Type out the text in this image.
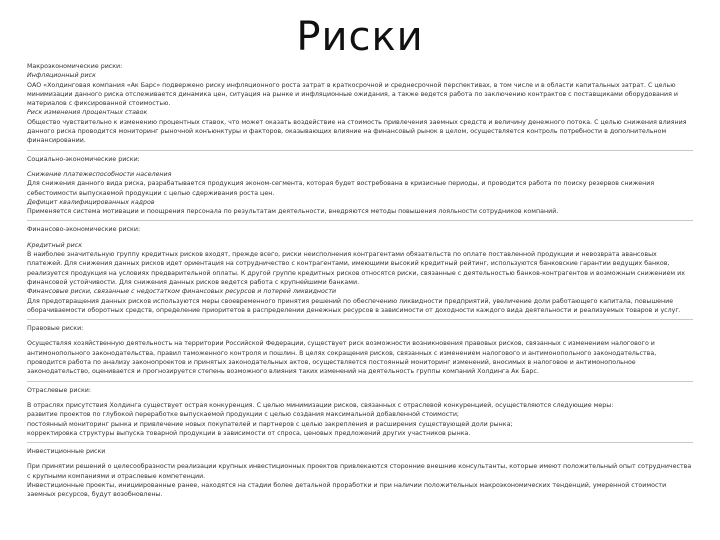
Риски

Макроэкономические риски:

Инфляционный риск

ОАО «Холдинговая компания «Ак Барс» подвержено риску инфляционного роста затрат в краткосрочной и среднесрочной перспективах, в том числе и в области капитальных затрат. С целью минимизации данного риска отслеживается динамика цен, ситуация на рынке и инфляционные ожидания, а также ведется работа по заключению контрактов с поставщиками оборудования и материалов с фиксированной стоимостью.

Риск изменения процентных ставок

Общество чувствительно к изменению процентных ставок, что может оказать воздействие на стоимость привлечения заемных средств и величину денежного потока. С целью снижения влияния данного риска проводится мониторинг рыночной конъюнктуры и факторов, оказывающих влияние на финансовый рынок в целом, осуществляется контроль потребности в дополнительном финансировании.

Социально-экономические риски:

Снижение платежеспособности населения

Для снижения данного вида риска, разрабатывается продукция эконом-сегмента, которая будет востребована в кризисные периоды, и проводится работа по поиску резервов снижения себестоимости выпускаемой продукции с целью сдерживания роста цен.

Дефицит квалифицированных кадров

Применяется система мотивации и поощрения персонала по результатам деятельности, внедряются методы повышения лояльности сотрудников компаний.

Финансово-экономические риски:

Кредитный риск

В наиболее значительную группу кредитных рисков входят, прежде всего, риски неисполнения контрагентами обязательств по оплате поставленной продукции и невозврата авансовых платежей. Для снижения данных рисков идет ориентация на сотрудничество с контрагентами, имеющими высокий кредитный рейтинг, используются банковские гарантии ведущих банков, реализуется продукция на условиях предварительной оплаты. К другой группе кредитных рисков относятся риски, связанные с деятельностью банков-контрагентов и возможным снижением их финансовой устойчивости. Для снижения данных рисков ведется работа с крупнейшими банками.

Финансовые риски, связанные с недостатком финансовых ресурсов и потерей ликвидности

Для предотвращения данных рисков используются меры своевременного принятия решений по обеспечению ликвидности предприятий, увеличение доли работающего капитала, повышение оборачиваемости оборотных средств, определение приоритетов в распределении денежных ресурсов в зависимости от доходности каждого вида деятельности и реализуемых товаров и услуг.

Правовые риски:

Осуществляя хозяйственную деятельность на территории Российской Федерации, существует риск возможности возникновения правовых рисков, связанных с изменением налогового и антимонопольного законодательства, правил таможенного контроля и пошлин. В целях сокращения рисков, связанных с изменением налогового и антимонопольного законодательства, проводится работа по анализу законопроектов и принятых законодательных актов, осуществляется постоянный мониторинг изменений, вносимых в налоговое и антимонопольное законодательство, оценивается и прогнозируется степень возможного влияния таких изменений на деятельность группы компаний Холдинга Ак Барс.

Отраслевые риски:

В отраслях присутствия Холдинга существует острая конкуренция. С целью минимизации рисков, связанных с отраслевой конкуренцией, осуществляются следующие меры:

развитие проектов по глубокой переработке выпускаемой продукции с целью создания максимальной добавленной стоимости;

постоянный мониторинг рынка и привлечение новых покупателей и партнеров с целью закрепления и расширения существующей доли рынка;

корректировка структуры выпуска товарной продукции в зависимости от спроса, ценовых предложений других участников рынка.

Инвестиционные риски

При принятии решений о целесообразности реализации крупных инвестиционных проектов привлекаются сторонние внешние консультанты, которые имеют положительный опыт сотрудничества с крупными компаниями и отраслевые компетенции.

Инвестиционные проекты, инициированные ранее, находятся на стадии более детальной проработки и при наличии положительных макроэкономических тенденций, умеренной стоимости заемных ресурсов, будут возобновлены.
